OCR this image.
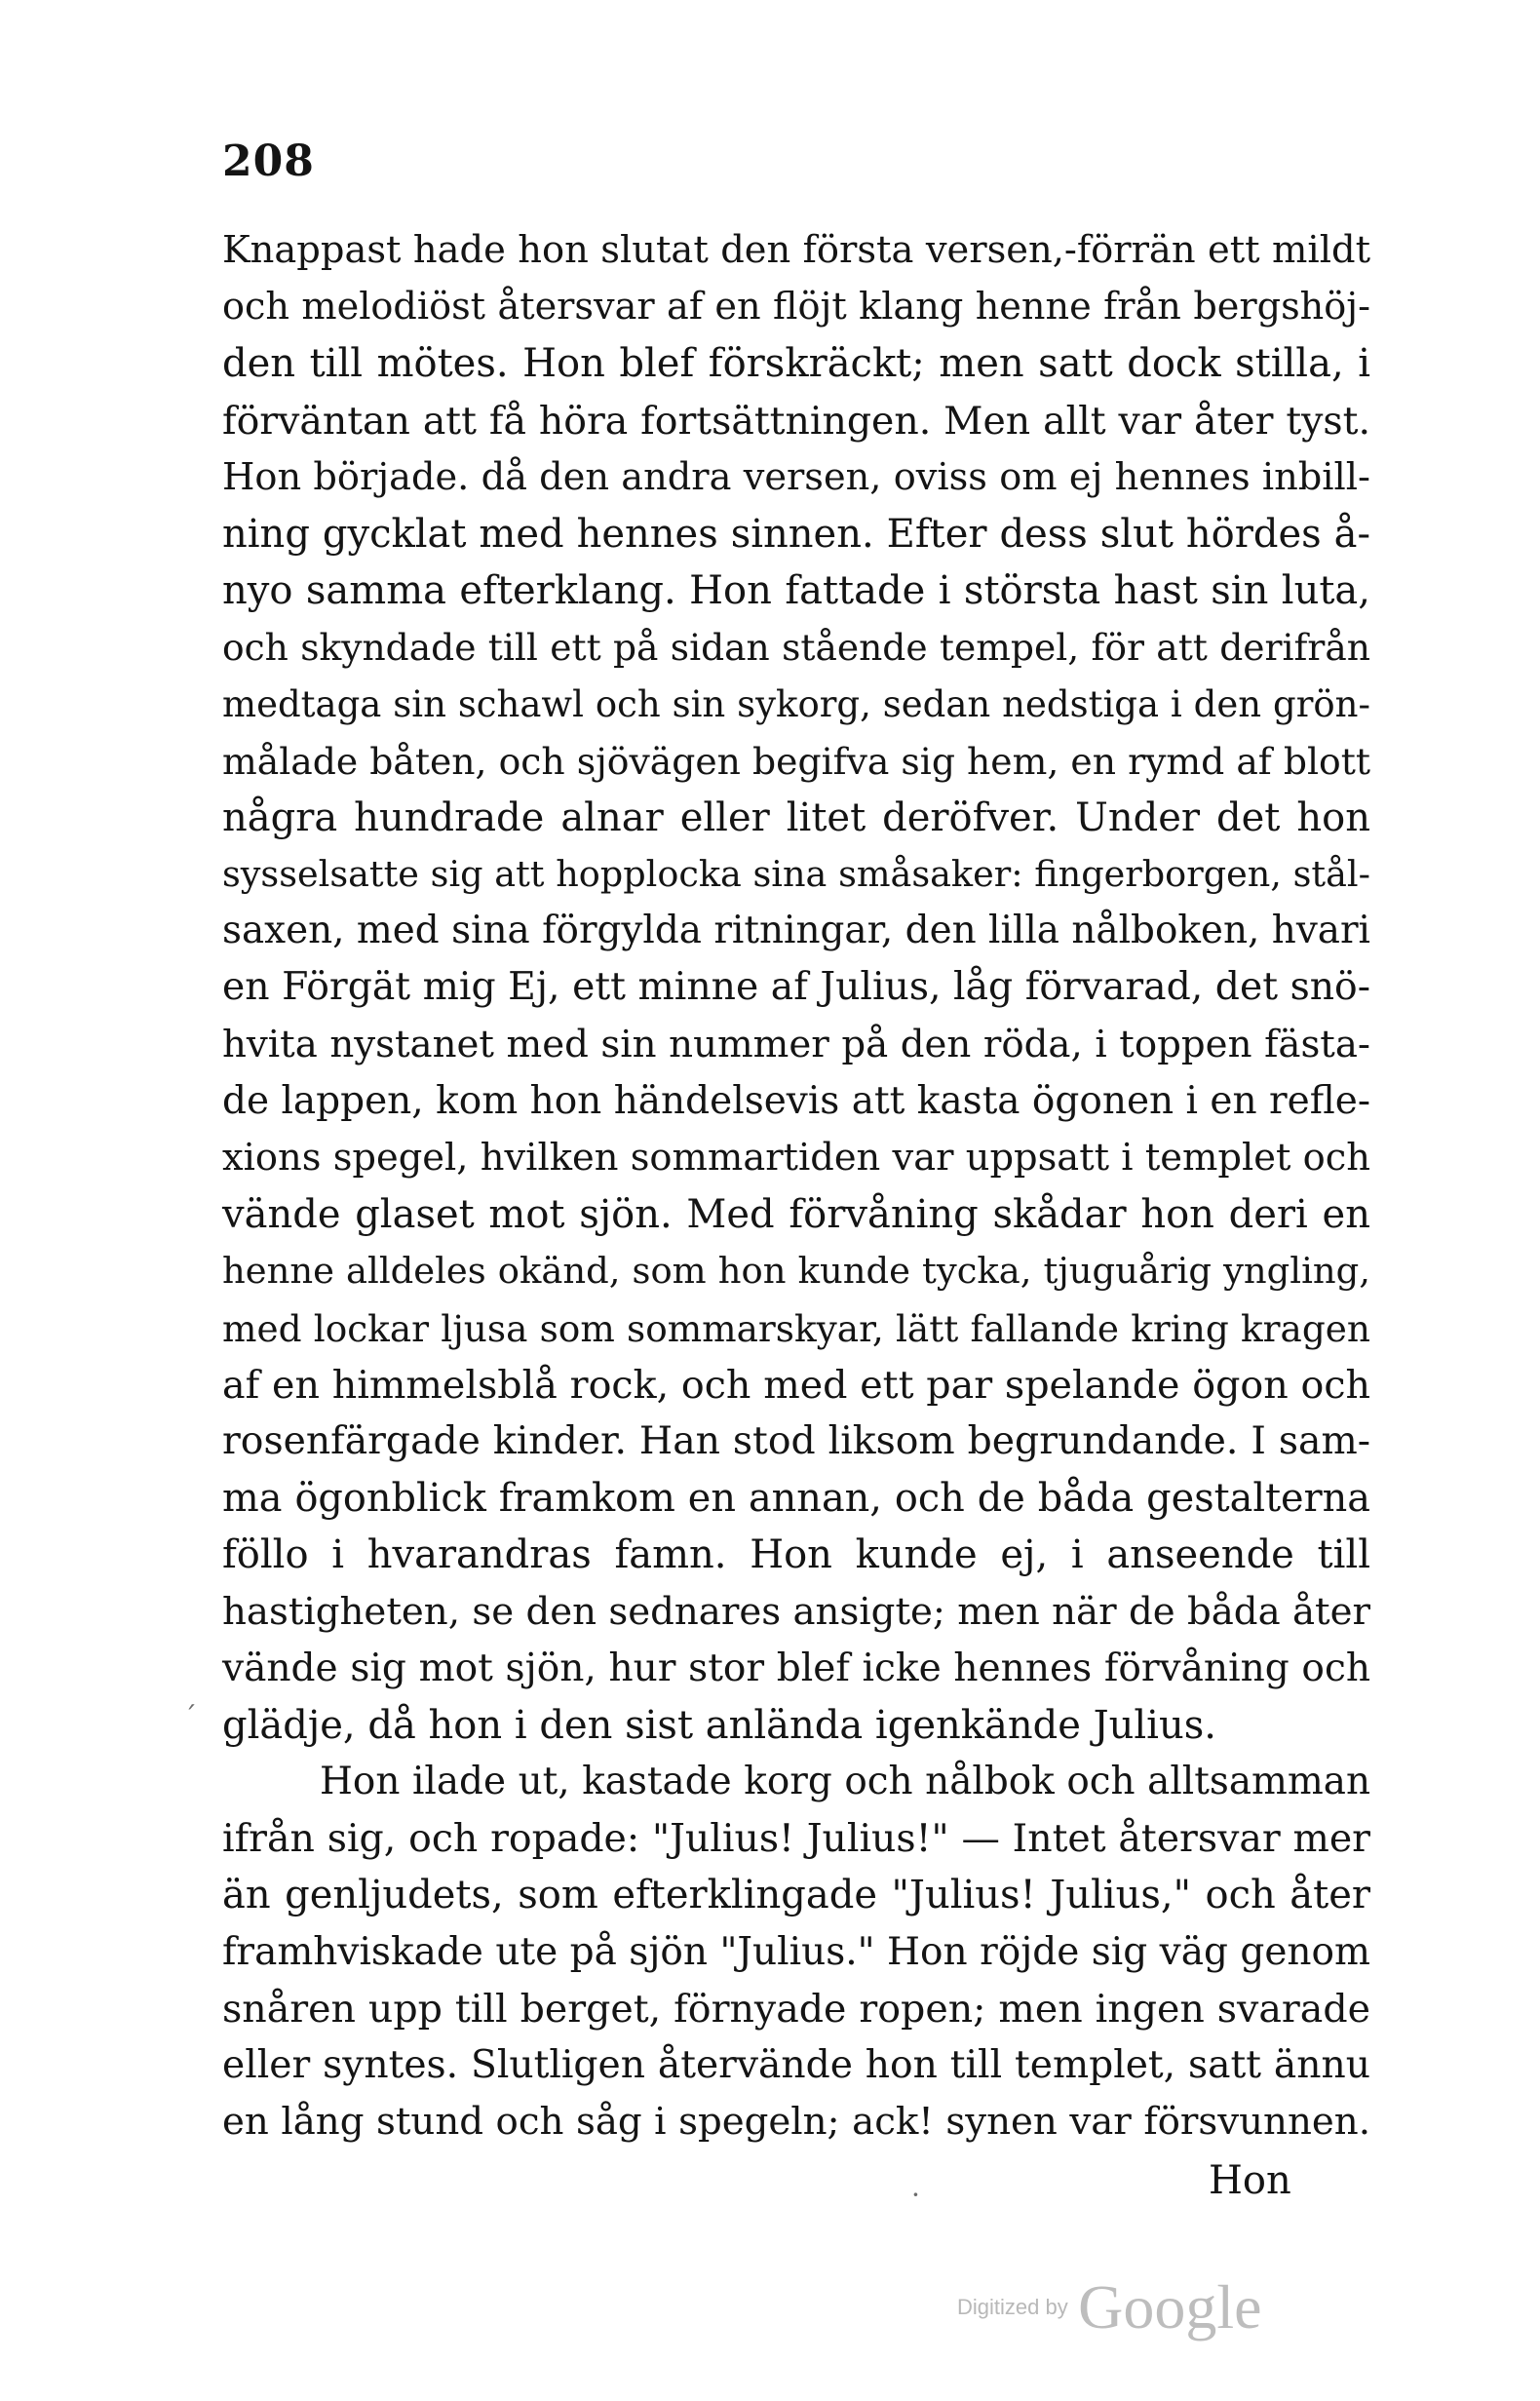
208
Knappast hade hon slutat den första versen,-förrän ett mildt
och melodiöst återsvar af en flöjt klang henne från bergshöj-
den till mötes. Hon blef förskräckt; men satt dock stilla, i
förväntan att få höra fortsättningen. Men allt var åter tyst.
Hon började. då den andra versen, oviss om ej hennes inbill-
ning gycklat med hennes sinnen. Efter dess slut hördes å-
nyo samma efterklang. Hon fattade i största hast sin luta,
och skyndade till ett på sidan stående tempel, för att derifrån
medtaga sin schawl och sin sykorg, sedan nedstiga i den grön-
målade båten, och sjövägen begifva sig hem, en rymd af blott
några hundrade alnar eller litet deröfver. Under det hon
sysselsatte sig att hopplocka sina småsaker: fingerborgen, stål-
saxen, med sina förgylda ritningar, den lilla nålboken, hvari
en Förgät mig Ej, ett minne af Julius, låg förvarad, det snö-
hvita nystanet med sin nummer på den röda, i toppen fästa-
de lappen, kom hon händelsevis att kasta ögonen i en refle-
xions spegel, hvilken sommartiden var uppsatt i templet och
vände glaset mot sjön. Med förvåning skådar hon deri en
henne alldeles okänd, som hon kunde tycka, tjuguårig yngling,
med lockar ljusa som sommarskyar, lätt fallande kring kragen
af en himmelsblå rock, och med ett par spelande ögon och
rosenfärgade kinder. Han stod liksom begrundande. I sam-
ma ögonblick framkom en annan, och de båda gestalterna
föllo i hvarandras famn. Hon kunde ej, i anseende till
hastigheten, se den sednares ansigte; men när de båda åter
vände sig mot sjön, hur stor blef icke hennes förvåning och
glädje, då hon i den sist anlända igenkände Julius.
Hon ilade ut, kastade korg och nålbok och alltsamman
ifrån sig, och ropade: "Julius! Julius!" — Intet återsvar mer
än genljudets, som efterklingade "Julius! Julius," och åter
framhviskade ute på sjön "Julius." Hon röjde sig väg genom
snåren upp till berget, förnyade ropen; men ingen svarade
eller syntes. Slutligen återvände hon till templet, satt ännu
en lång stund och såg i spegeln; ack! synen var försvunnen.
Hon
·
´
Digitized by Google
